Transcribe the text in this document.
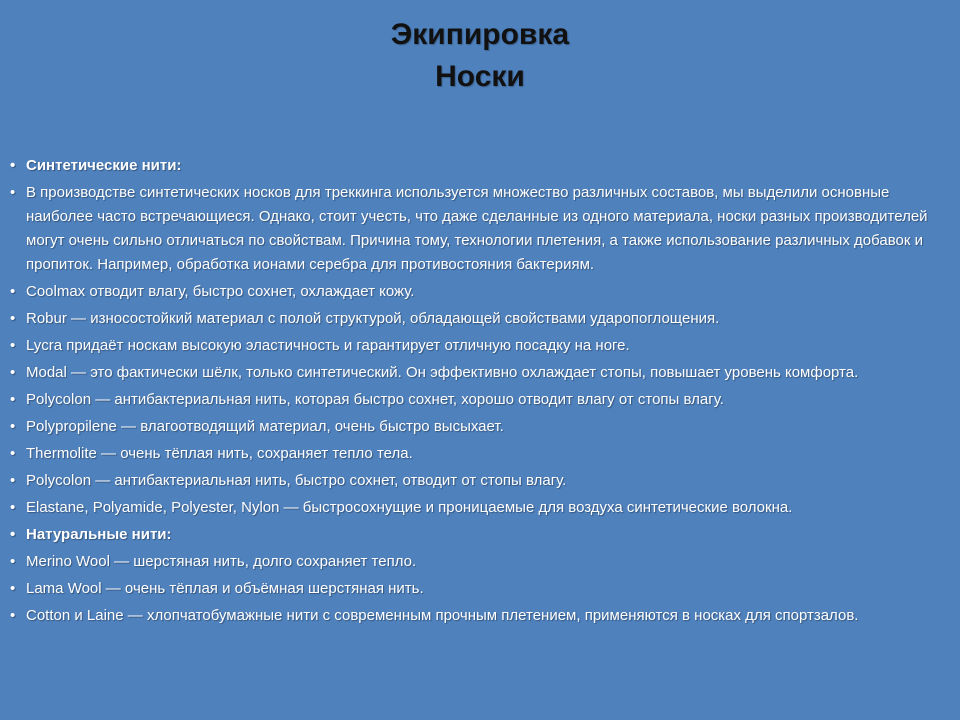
Экипировка
Носки
• Синтетические нити:
• В производстве синтетических носков для треккинга используется множество различных составов, мы выделили основные наиболее часто встречающиеся. Однако, стоит учесть, что даже сделанные из одного материала, носки разных производителей могут очень сильно отличаться по свойствам. Причина тому, технологии плетения, а также использование различных добавок и пропиток. Например, обработка ионами серебра для противостояния бактериям.
• Coolmax отводит влагу, быстро сохнет, охлаждает кожу.
• Robur — износостойкий материал с полой структурой, обладающей свойствами удaропоглощения.
• Lycra придаёт носкам высокую эластичность и гарантирует отличную посадку на ноге.
• Modal — это фактически шёлк, только синтетический. Он эффективно охлаждает стопы, повышает уровень комфорта.
• Polycolon — антибактериальная нить, которая быстро сохнет, хорошо отводит влагу от стопы влагу.
• Polypropilene — влагоотводящий материал, очень быстро высыхает.
• Thermolite — очень тёплая нить, сохраняет тепло тела.
• Polycolon — антибактериальная нить, быстро сохнет, отводит от стопы влагу.
• Elastane, Polyamide, Polyester, Nylon — быстросохнущие и проницаемые для воздуха синтетические волокна.
• Натуральные нити:
• Merino Wool — шерстяная нить, долго сохраняет тепло.
• Lama Wool — очень тёплая и объёмная шерстяная нить.
• Cotton и Laine — хлопчатобумажные нити с современным прочным плетением, применяются в носках для спортзалов.
